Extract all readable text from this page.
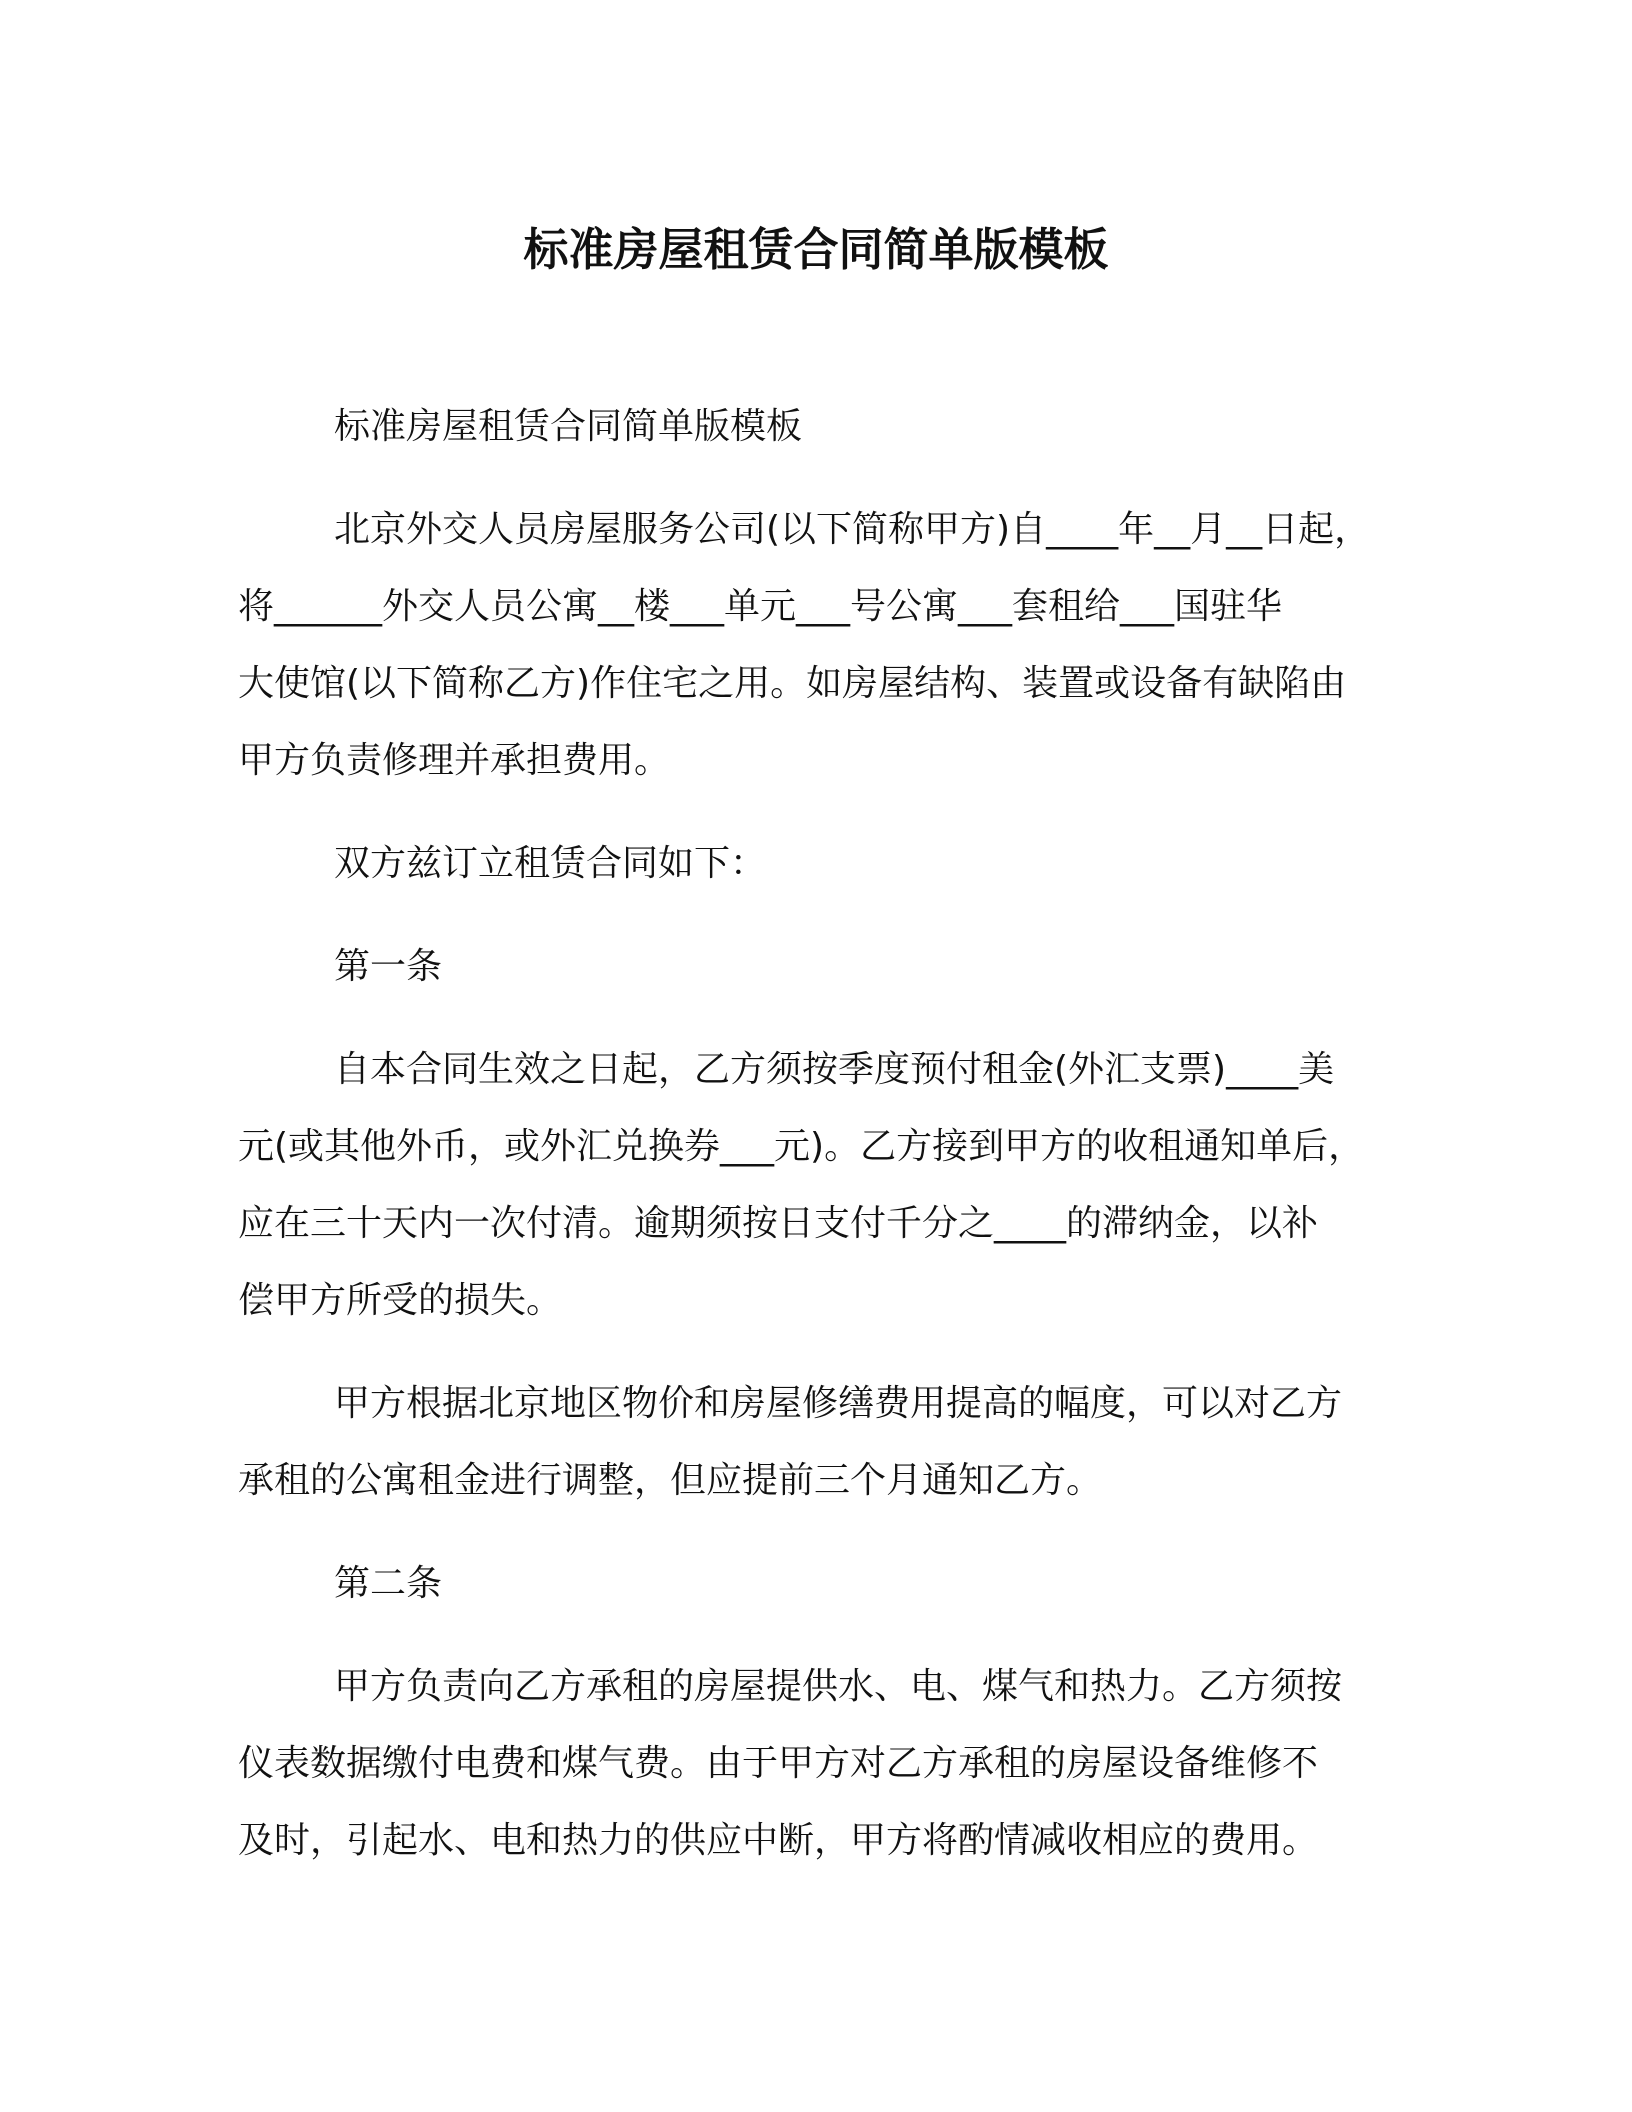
标准房屋租赁合同简单版模板

标准房屋租赁合同简单版模板

北京外交人员房屋服务公司(以下简称甲方)自____年__月__日起，
将______外交人员公寓__楼___单元___号公寓___套租给___国驻华
大使馆(以下简称乙方)作住宅之用。如房屋结构、装置或设备有缺陷由
甲方负责修理并承担费用。

双方兹订立租赁合同如下：

第一条

自本合同生效之日起，乙方须按季度预付租金(外汇支票)____美
元(或其他外币，或外汇兑换券___元)。乙方接到甲方的收租通知单后，
应在三十天内一次付清。逾期须按日支付千分之____的滞纳金，以补
偿甲方所受的损失。

甲方根据北京地区物价和房屋修缮费用提高的幅度，可以对乙方
承租的公寓租金进行调整，但应提前三个月通知乙方。

第二条

甲方负责向乙方承租的房屋提供水、电、煤气和热力。乙方须按
仪表数据缴付电费和煤气费。由于甲方对乙方承租的房屋设备维修不
及时，引起水、电和热力的供应中断，甲方将酌情减收相应的费用。
